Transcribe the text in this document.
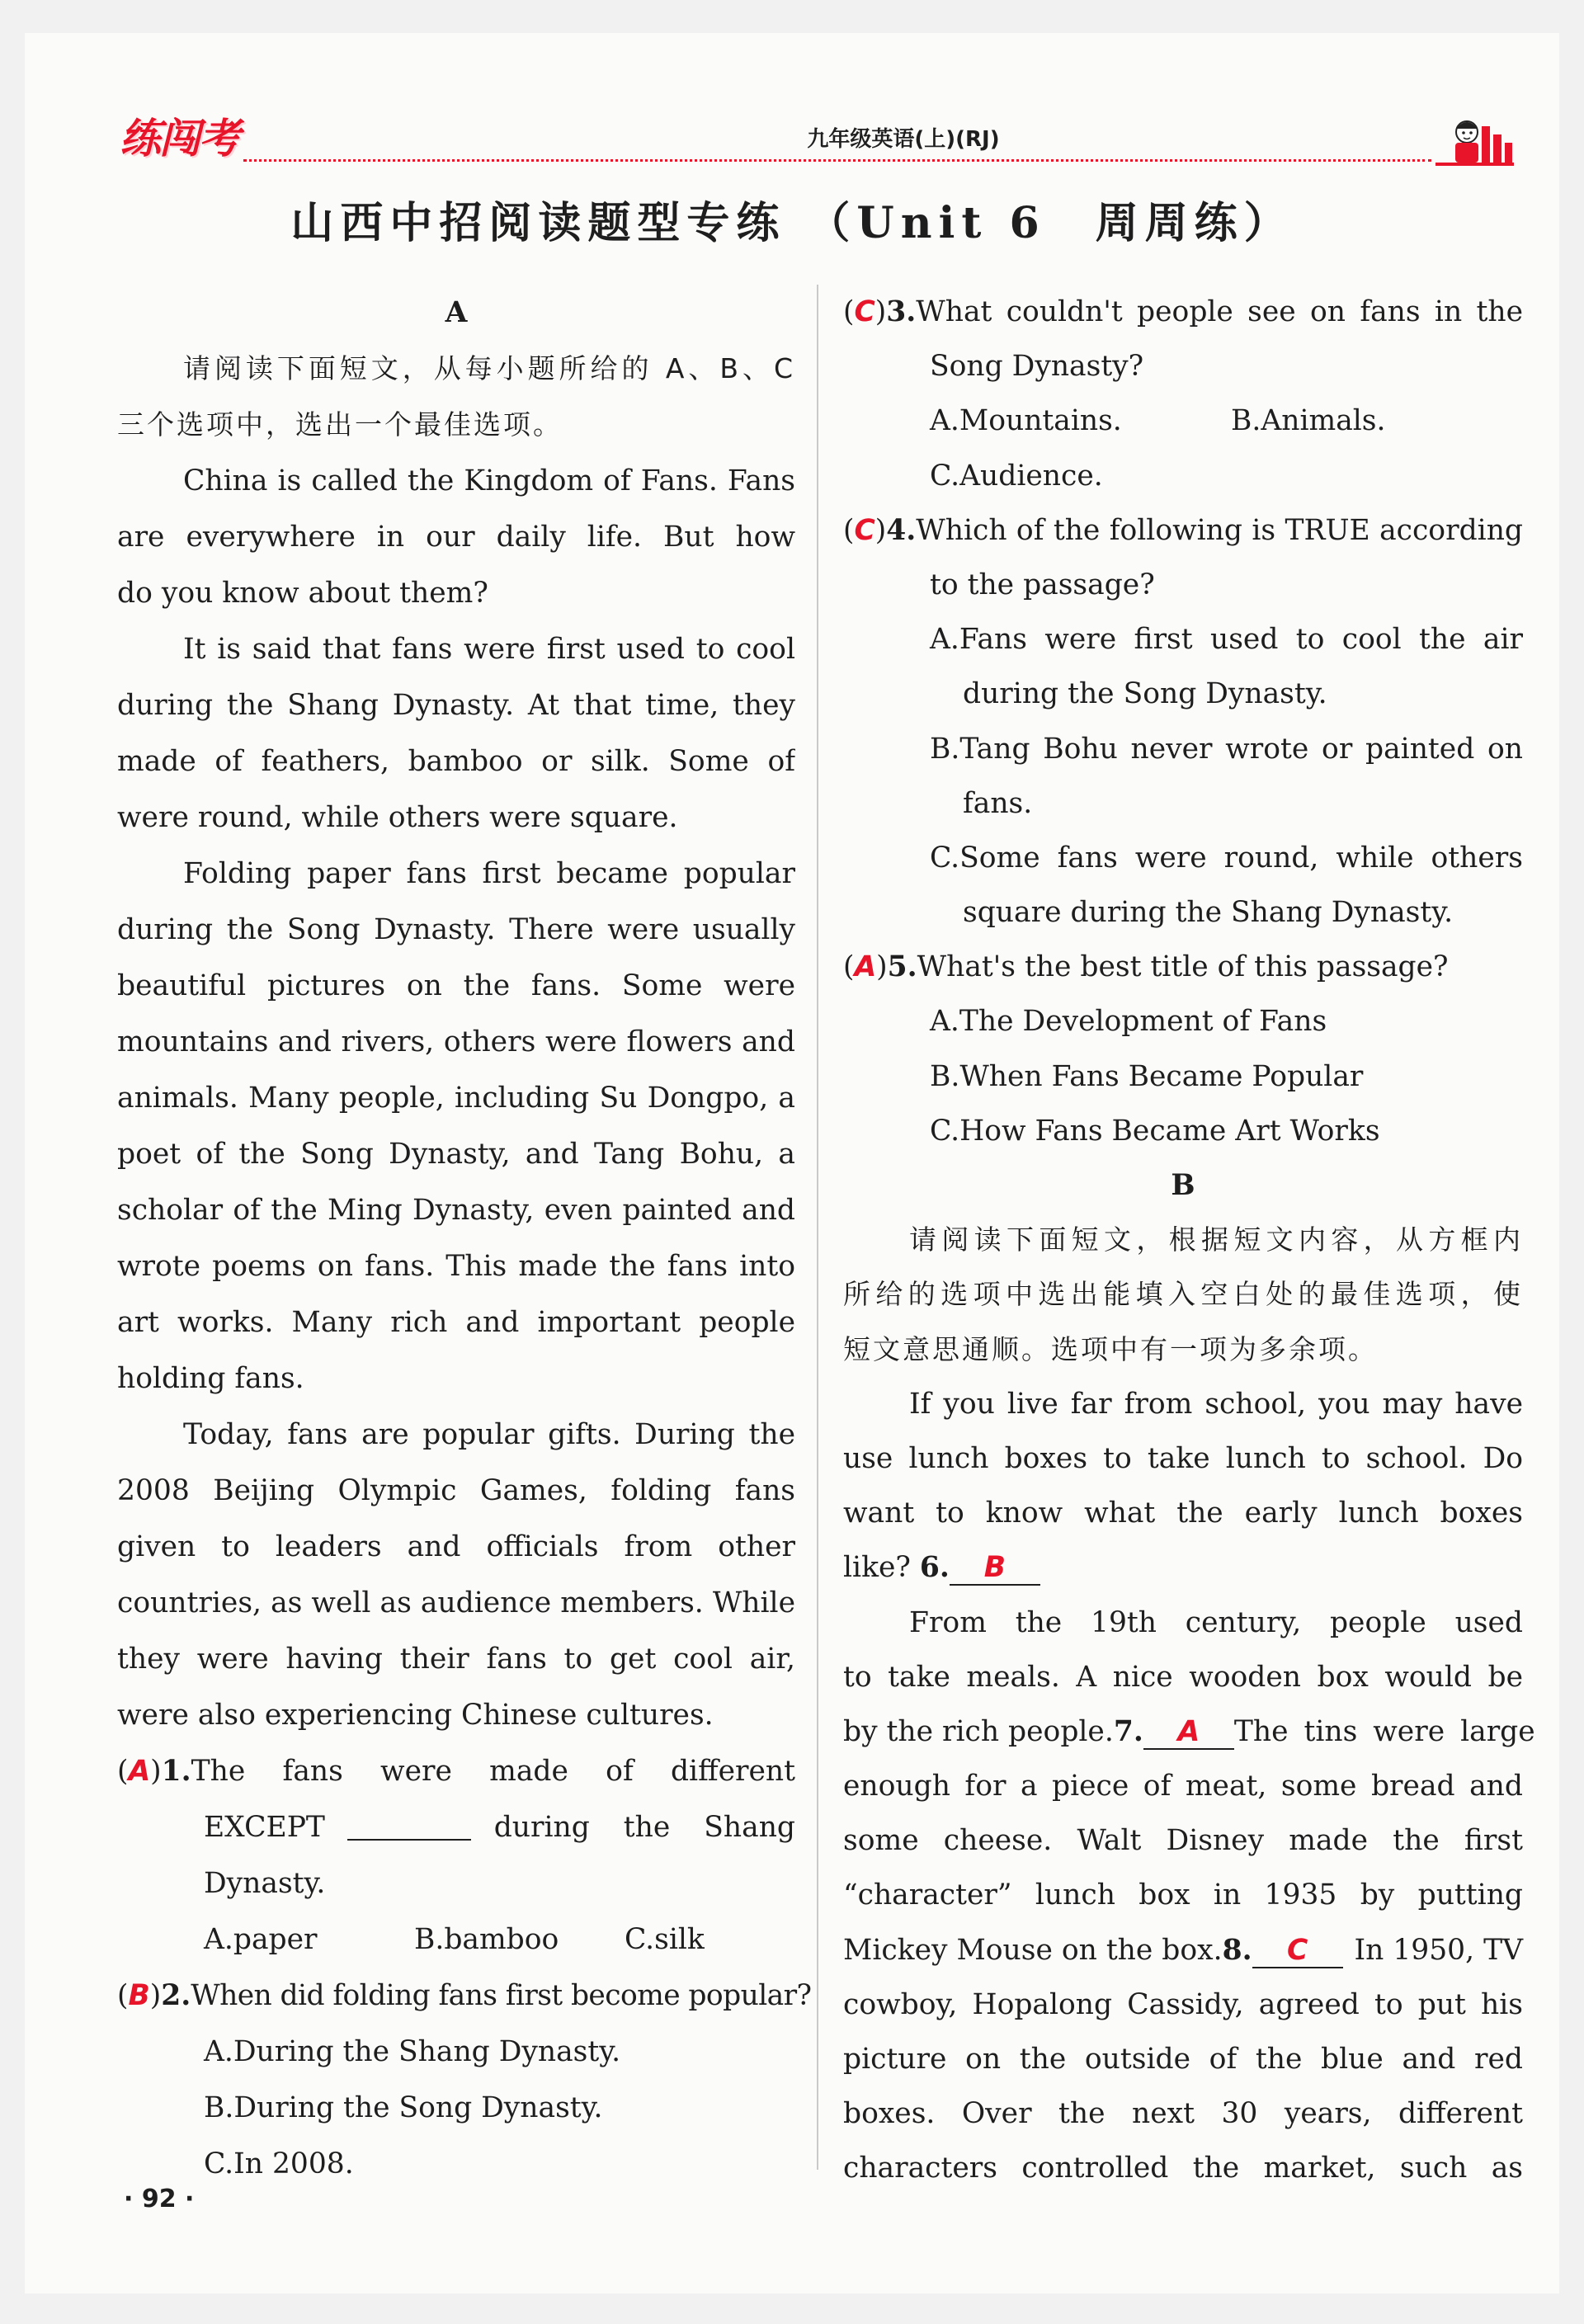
练闯考	九年级英语(上)(RJ)
山西中招阅读题型专练 （Unit 6　周周练）
A
请阅读下面短文，从每小题所给的 A、B、C
三个选项中，选出一个最佳选项。
China is called the Kingdom of Fans. Fans
are everywhere in our daily life. But how
do you know about them?
It is said that fans were first used to cool
during the Shang Dynasty. At that time, they
made of feathers, bamboo or silk. Some of
were round, while others were square.
Folding paper fans first became popular
during the Song Dynasty. There were usually
beautiful pictures on the fans. Some were
mountains and rivers, others were flowers and
animals. Many people, including Su Dongpo, a
poet of the Song Dynasty, and Tang Bohu, a
scholar of the Ming Dynasty, even painted and
wrote poems on fans. This made the fans into
art works. Many rich and important people
holding fans.
Today, fans are popular gifts. During the
2008 Beijing Olympic Games, folding fans
given to leaders and officials from other
countries, as well as audience members. While
they were having their fans to get cool air,
were also experiencing Chinese cultures.
(A)1.The fans were made of different
EXCEPT	during the Shang
Dynasty.
A.paper	B.bamboo C.silk
(B)2.When did folding fans first become popular?
A.During the Shang Dynasty.
B.During the Song Dynasty.
C.In 2008.
(C)3.What couldn't people see on fans in the
Song Dynasty?
A.Mountains.	B.Animals.
C.Audience.
(C)4.Which of the following is TRUE according
to the passage?
A.Fans were first used to cool the air
during the Song Dynasty.
B.Tang Bohu never wrote or painted on
fans.
C.Some fans were round, while others
square during the Shang Dynasty.
(A)5.What's the best title of this passage?
A.The Development of Fans
B.When Fans Became Popular
C.How Fans Became Art Works
B
请阅读下面短文，根据短文内容，从方框内
所给的选项中选出能填入空白处的最佳选项，使
短文意思通顺。选项中有一项为多余项。
If you live far from school, you may have
use lunch boxes to take lunch to school. Do
want to know what the early lunch boxes
like? 6. B
From the 19th century, people used
to take meals. A nice wooden box would be
by the rich people.7. A	The tins were large
enough for a piece of meat, some bread and
some cheese. Walt Disney made the first
“character” lunch box in 1935 by putting
Mickey Mouse on the box.8. C	In 1950, TV
cowboy, Hopalong Cassidy, agreed to put his
picture on the outside of the blue and red
boxes. Over the next 30 years, different
characters controlled the market, such as
· 92 ·
